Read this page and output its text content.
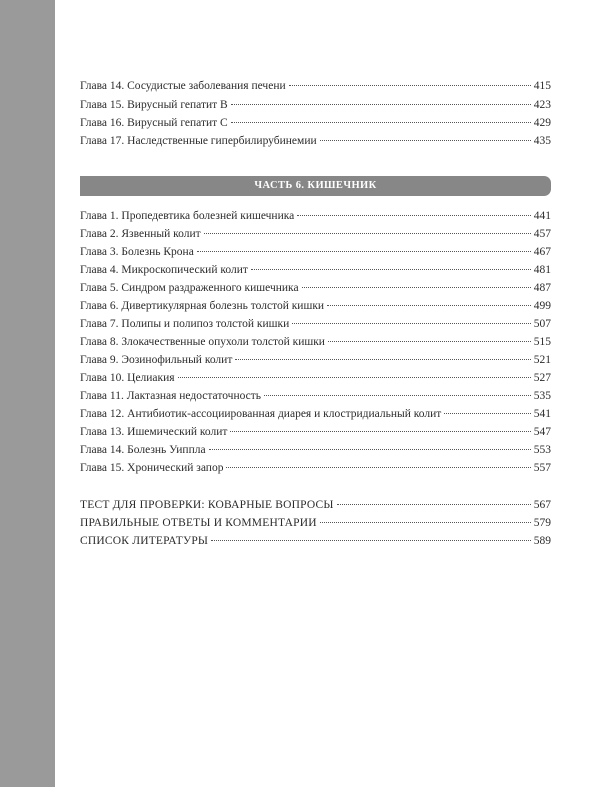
Глава 14. Сосудистые заболевания печени	415
Глава 15. Вирусный гепатит В	423
Глава 16. Вирусный гепатит С	429
Глава 17. Наследственные гипербилирубинемии	435
ЧАСТЬ 6. КИШЕЧНИК
Глава 1. Пропедевтика болезней кишечника	441
Глава 2. Язвенный колит	457
Глава 3. Болезнь Крона	467
Глава 4. Микроскопический колит	481
Глава 5. Синдром раздраженного кишечника	487
Глава 6. Дивертикулярная болезнь толстой кишки	499
Глава 7. Полипы и полипоз толстой кишки	507
Глава 8. Злокачественные опухоли толстой кишки	515
Глава 9. Эозинофильный колит	521
Глава 10. Целиакия	527
Глава 11. Лактазная недостаточность	535
Глава 12. Антибиотик-ассоциированная диарея и клостридиальный колит	541
Глава 13. Ишемический колит	547
Глава 14. Болезнь Уиппла	553
Глава 15. Хронический запор	557
ТЕСТ ДЛЯ ПРОВЕРКИ: КОВАРНЫЕ ВОПРОСЫ	567
ПРАВИЛЬНЫЕ ОТВЕТЫ И КОММЕНТАРИИ	579
СПИСОК ЛИТЕРАТУРЫ	589
